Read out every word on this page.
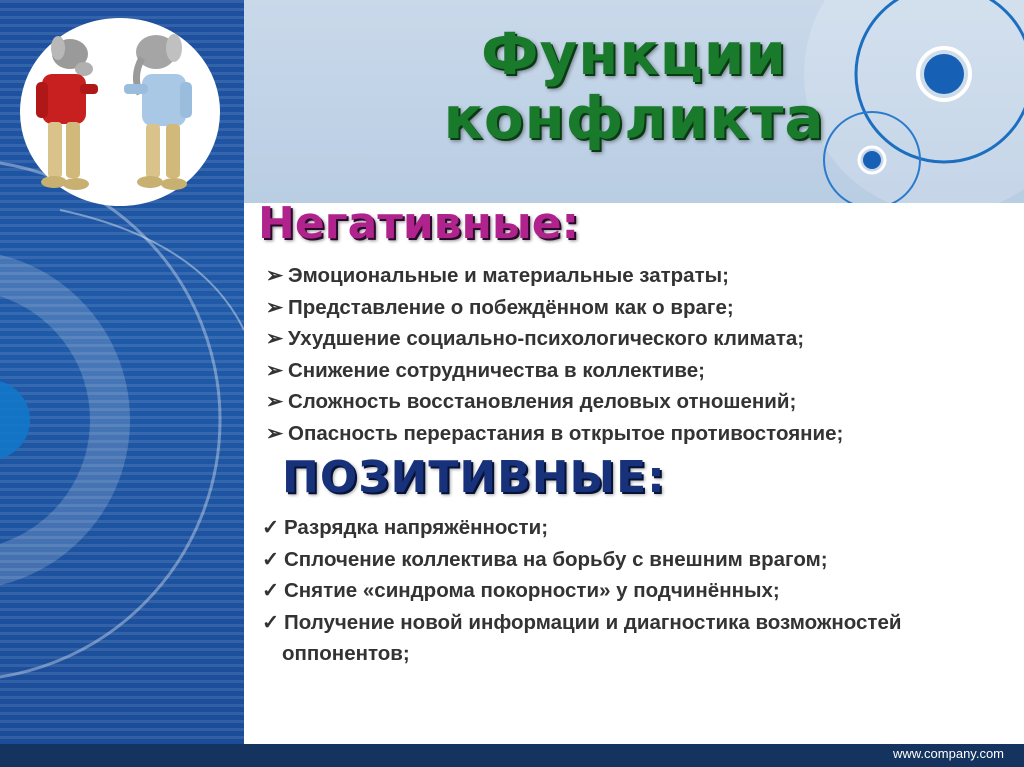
Функции
конфликта
Негативные:
➢ Эмоциональные и материальные затраты;
➢ Представление о побеждённом как о враге;
➢ Ухудшение социально-психологического климата;
➢ Снижение сотрудничества в коллективе;
➢ Сложность восстановления деловых отношений;
➢ Опасность перерастания в открытое противостояние;
ПОЗИТИВНЫЕ:
✓ Разрядка напряжённости;
✓ Сплочение коллектива на борьбу с внешним врагом;
✓ Снятие «синдрома покорности» у подчинённых;
✓ Получение новой информации и диагностика возможностей
оппонентов;
www.company.com
